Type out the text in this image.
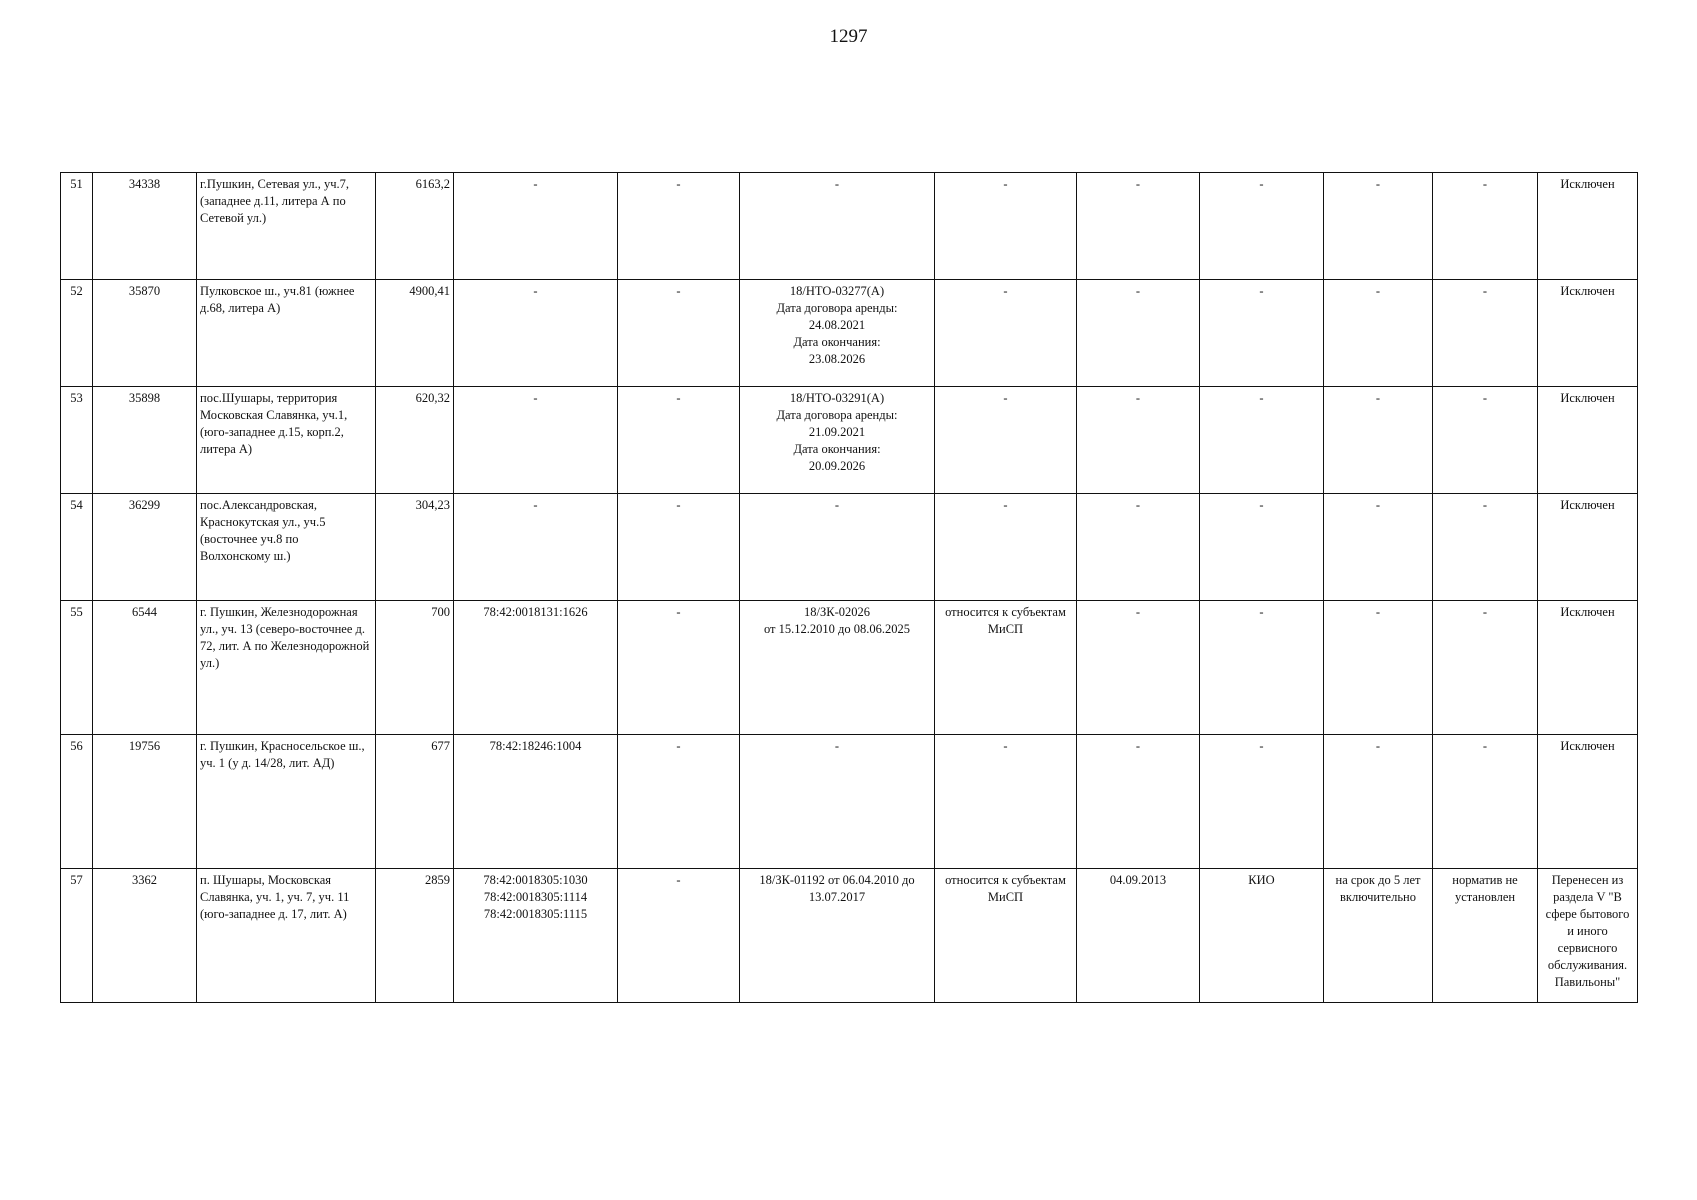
1297
51	34338	г.Пушкин, Сетевая ул., уч.7, (западнее д.11, литера А по Сетевой ул.)	6163,2	-	-	-	-	-	-	-	-	Исключен
52	35870	Пулковское ш., уч.81 (южнее д.68, литера А)	4900,41	-	-	18/НТО-03277(А)
Дата договора аренды:
24.08.2021
Дата окончания:
23.08.2026	-	-	-	-	-	Исключен
53	35898	пос.Шушары, территория Московская Славянка, уч.1, (юго-западнее д.15, корп.2, литера А)	620,32	-	-	18/НТО-03291(А)
Дата договора аренды:
21.09.2021
Дата окончания:
20.09.2026	-	-	-	-	-	Исключен
54	36299	пос.Александровская, Краснокутская ул., уч.5 (восточнее уч.8 по Волхонскому ш.)	304,23	-	-	-	-	-	-	-	-	Исключен
55	6544	г. Пушкин, Железнодорожная ул., уч. 13 (северо-восточнее д. 72, лит. А по Железнодорожной ул.)	700	78:42:0018131:1626	-	18/ЗК-02026
от 15.12.2010 до 08.06.2025	относится к субъектам МиСП	-	-	-	-	Исключен
56	19756	г. Пушкин, Красносельское ш., уч. 1 (у д. 14/28, лит. АД)	677	78:42:18246:1004	-	-	-	-	-	-	-	Исключен
57	3362	п. Шушары, Московская Славянка, уч. 1, уч. 7, уч. 11 (юго-западнее д. 17, лит. А)	2859	78:42:0018305:1030
78:42:0018305:1114
78:42:0018305:1115	-	18/ЗК-01192 от 06.04.2010 до 13.07.2017	относится к субъектам МиСП	04.09.2013	КИО	на срок до 5 лет включительно	норматив не установлен	Перенесен из раздела V "В сфере бытового и иного сервисного обслуживания. Павильоны"
